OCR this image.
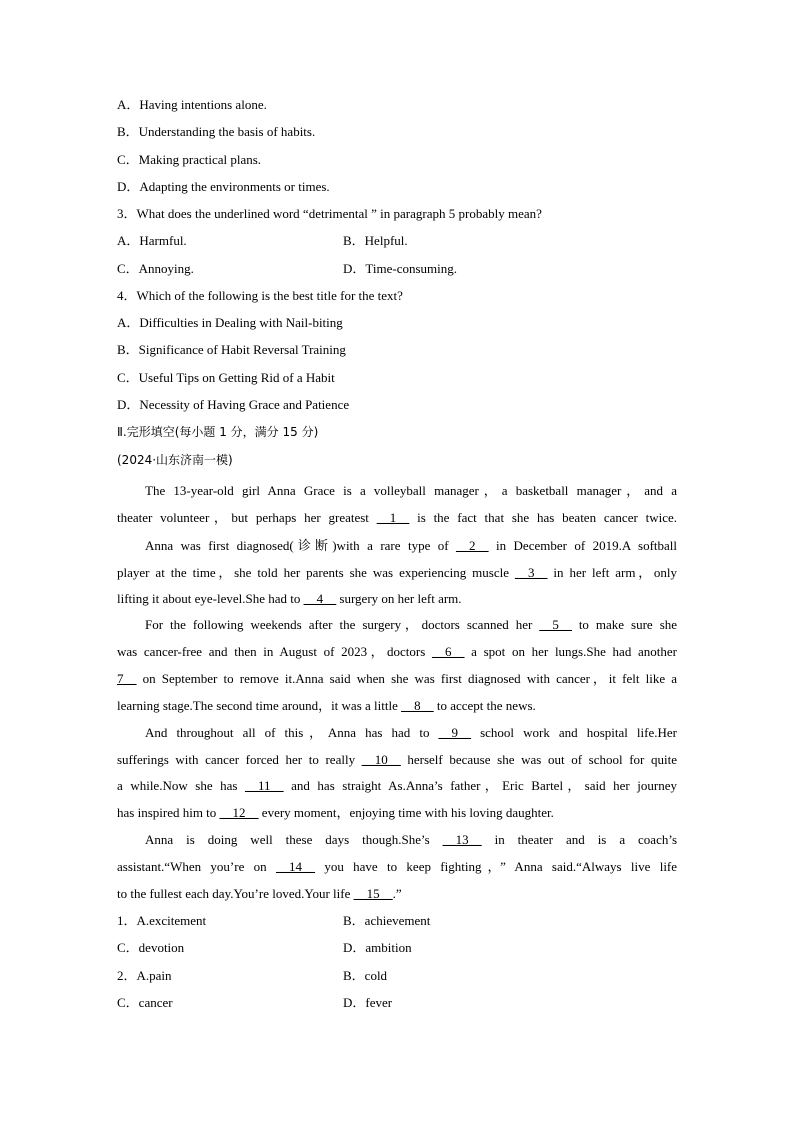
A．Having intentions alone.
B．Understanding the basis of habits.
C．Making practical plans.
D．Adapting the environments or times.
3．What does the underlined word “detrimental ” in paragraph 5 probably mean?
A．Harmful.	B．Helpful.
C．Annoying.	D．Time-consuming.
4．Which of the following is the best title for the text?
A．Difficulties in Dealing with Nail-biting
B．Significance of Habit Reversal Training
C．Useful Tips on Getting Rid of a Habit
D．Necessity of Having Grace and Patience
Ⅱ.完形填空(每小题 1 分，满分 15 分)
(2024·山东济南一模)
The 13-year-old girl Anna Grace is a volleyball manager，a basketball manager，and a
theater volunteer，but perhaps her greatest __1__ is the fact that she has beaten cancer twice.
Anna was first diagnosed(诊断)with a rare type of __2__ in December of 2019.A softball
player at the time，she told her parents she was experiencing muscle __3__ in her left arm，only
lifting it about eye-level.She had to __4__ surgery on her left arm.
For the following weekends after the surgery，doctors scanned her __5__ to make sure she
was cancer-free and then in August of 2023，doctors __6__ a spot on her lungs.She had another
7__ on September to remove it.Anna said when she was first diagnosed with cancer，it felt like a
learning stage.The second time around，it was a little __8__ to accept the news.
And throughout all of this，Anna has had to __9__ school work and hospital life.Her
sufferings with cancer forced her to really __10__ herself because she was out of school for quite
a while.Now she has __11__ and has straight As.Anna’s father，Eric Bartel，said her journey
has inspired him to __12__ every moment，enjoying time with his loving daughter.
Anna is doing well these days though.She’s __13__ in theater and is a coach’s
assistant.“When you’re on __14__ you have to keep fighting，” Anna said.“Always live life
to the fullest each day.You’re loved.Your life __15__.”
1．A.excitement	B．achievement
C．devotion	D．ambition
2．A.pain	B．cold
C．cancer	D．fever
